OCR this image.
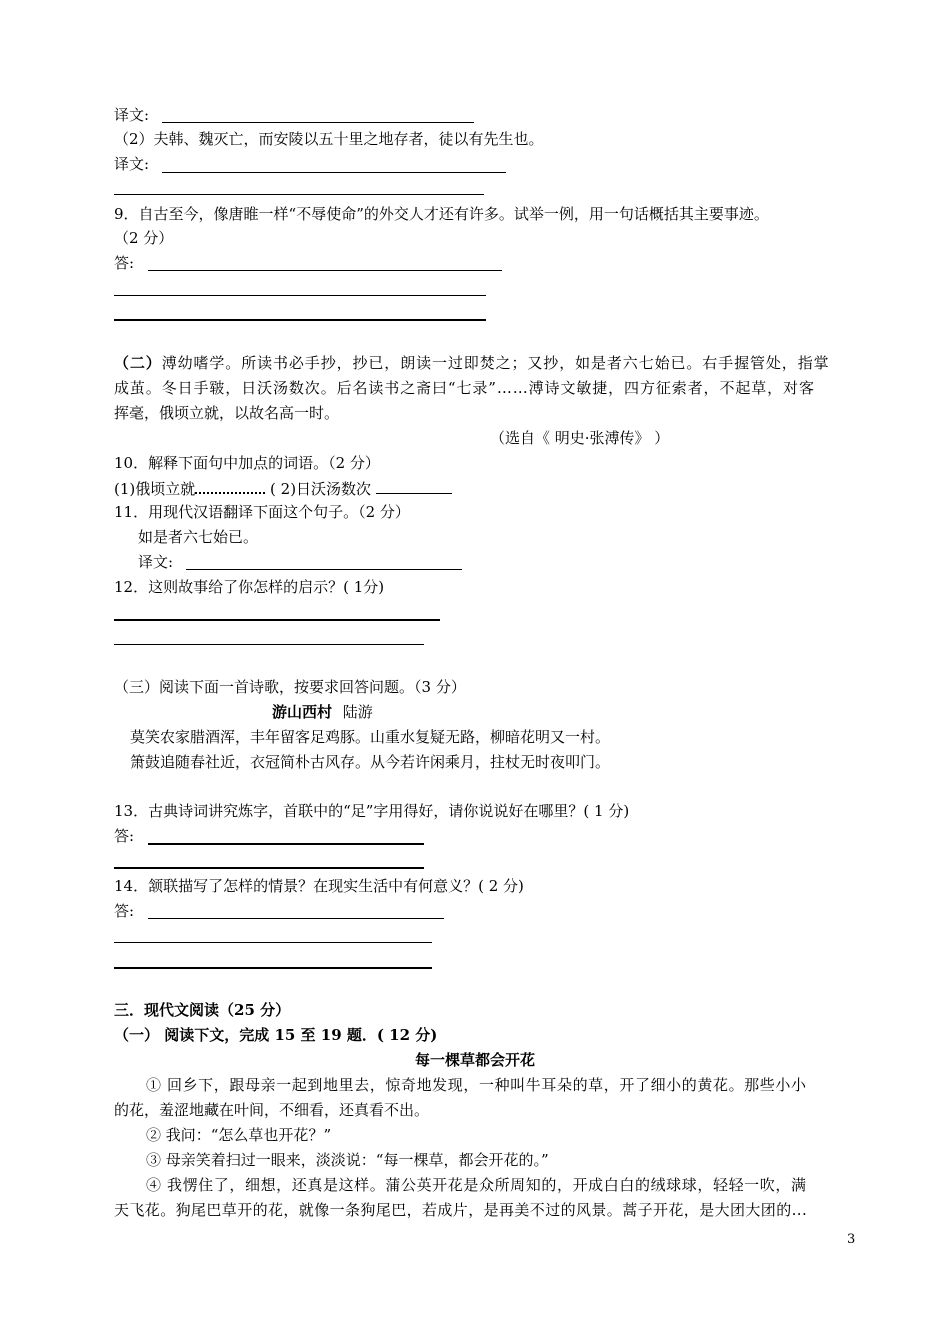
译文:
（2）夫韩、魏灭亡，而安陵以五十里之地存者，徒以有先生也。
译文:
9．自古至今，像唐睢一样“不辱使命”的外交人才还有许多。试举一例，用一句话概括其主要事迹。
（2 分）
答:
（二）溥幼嗜学。所读书必手抄，抄已，朗读一过即焚之；又抄，如是者六七始已。右手握管处，指掌
成茧。冬日手皲，日沃汤数次。后名读书之斋曰“七录”……溥诗文敏捷，四方征索者，不起草，对客
挥毫，俄顷立就，以故名高一时。
（选自《 明史·张溥传》 ）
10．解释下面句中加点的词语。（2 分）
(1)俄顷立就	( 2)日沃汤数次
11．用现代汉语翻译下面这个句子。（2 分）
如是者六七始已。
译文:
12．这则故事给了你怎样的启示？( 1分)
（三）阅读下面一首诗歌，按要求回答问题。（3 分）
游山西村 陆游
莫笑农家腊酒浑，丰年留客足鸡豚。山重水复疑无路，柳暗花明又一村。
箫鼓追随春社近，衣冠简朴古风存。从今若许闲乘月，拄杖无时夜叩门。
13．古典诗词讲究炼字，首联中的“足”字用得好，请你说说好在哪里？( 1 分)
答:
14．颔联描写了怎样的情景？在现实生活中有何意义？( 2 分)
答:
三．现代文阅读（25 分）
（一） 阅读下文，完成 15 至 19 题．( 12 分)
每一棵草都会开花
① 回乡下，跟母亲一起到地里去，惊奇地发现，一种叫牛耳朵的草，开了细小的黄花。那些小小
的花，羞涩地藏在叶间，不细看，还真看不出。
② 我问：“怎么草也开花？”
③ 母亲笑着扫过一眼来，淡淡说：“每一棵草，都会开花的。”
④ 我愣住了，细想，还真是这样。蒲公英开花是众所周知的，开成白白的绒球球，轻轻一吹，满
天飞花。狗尾巴草开的花，就像一条狗尾巴，若成片，是再美不过的风景。蒿子开花，是大团大团的...
3
